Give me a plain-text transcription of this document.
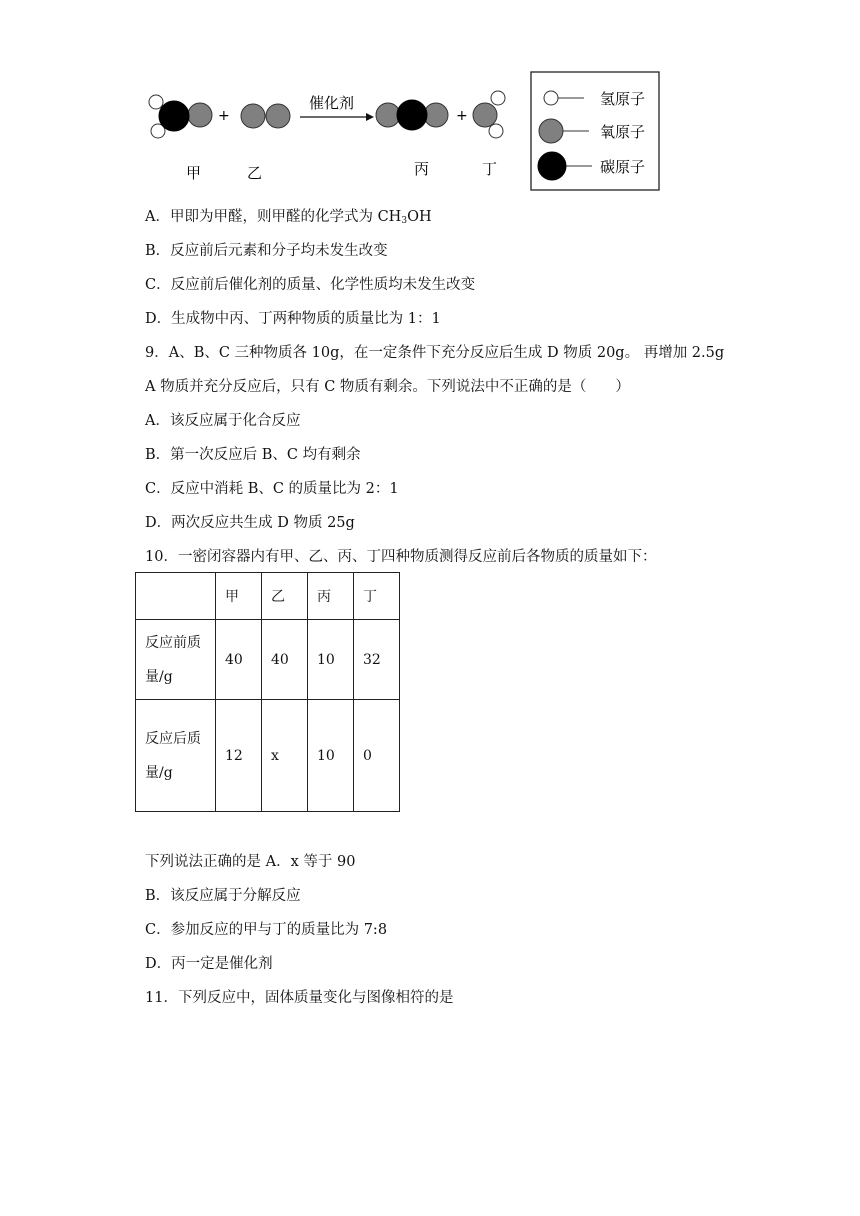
+
催化剂
+
甲	乙	丙	丁
氢原子
氧原子
碳原子
A．甲即为甲醛，则甲醛的化学式为 $CH_3OH$
B．反应前后元素和分子均未发生改变
C．反应前后催化剂的质量、化学性质均未发生改变
D．生成物中丙、丁两种物质的质量比为 1：1
9．A、B、C 三种物质各 10g，在一定条件下充分反应后生成 D 物质 20g。 再增加 2.5g
A 物质并充分反应后，只有 C 物质有剩余。下列说法中不正确的是（　　）
A．该反应属于化合反应
B．第一次反应后 B、C 均有剩余
C．反应中消耗 B、C 的质量比为 2：1
D．两次反应共生成 D 物质 25g
10．一密闭容器内有甲、乙、丙、丁四种物质测得反应前后各物质的质量如下：
	甲	乙	丙	丁
反应前质
量/g	40	40	10	32
反应后质
量/g	12	x	10	0
下列说法正确的是 A．x 等于 90
B．该反应属于分解反应
C．参加反应的甲与丁的质量比为 7:8
D．丙一定是催化剂
11．下列反应中，固体质量变化与图像相符的是
